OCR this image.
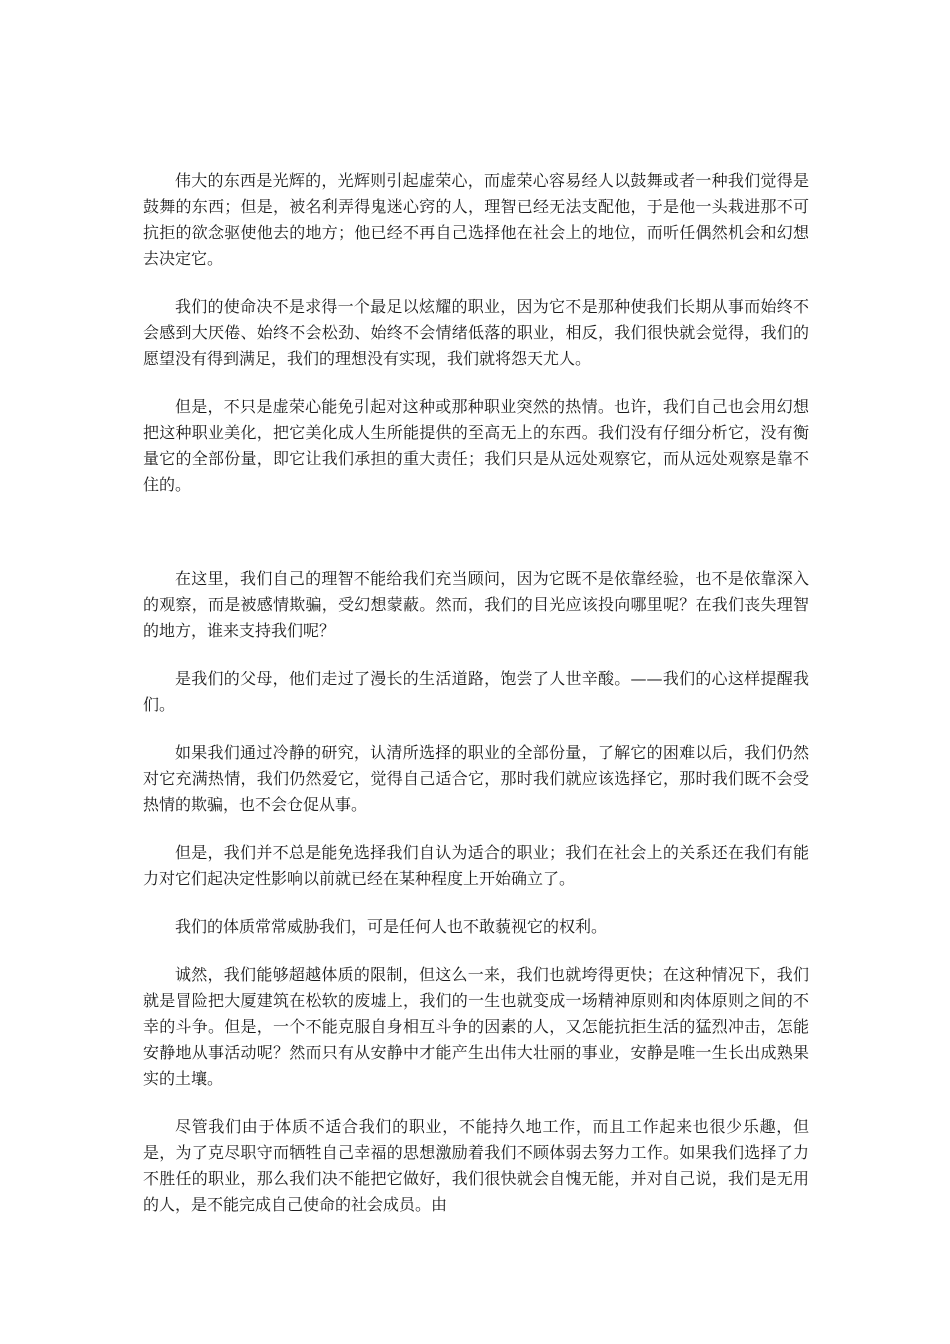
伟大的东西是光辉的，光辉则引起虚荣心，而虚荣心容易经人以鼓舞或者一种我们觉得是鼓舞的东西；但是，被名利弄得鬼迷心窍的人，理智已经无法支配他，于是他一头栽进那不可抗拒的欲念驱使他去的地方；他已经不再自己选择他在社会上的地位，而听任偶然机会和幻想去决定它。

我们的使命决不是求得一个最足以炫耀的职业，因为它不是那种使我们长期从事而始终不会感到大厌倦、始终不会松劲、始终不会情绪低落的职业，相反，我们很快就会觉得，我们的愿望没有得到满足，我们的理想没有实现，我们就将怨天尤人。

但是，不只是虚荣心能免引起对这种或那种职业突然的热情。也许，我们自己也会用幻想把这种职业美化，把它美化成人生所能提供的至高无上的东西。我们没有仔细分析它，没有衡量它的全部份量，即它让我们承担的重大责任；我们只是从远处观察它，而从远处观察是靠不住的。

在这里，我们自己的理智不能给我们充当顾问，因为它既不是依靠经验，也不是依靠深入的观察，而是被感情欺骗，受幻想蒙蔽。然而，我们的目光应该投向哪里呢？在我们丧失理智的地方，谁来支持我们呢？

是我们的父母，他们走过了漫长的生活道路，饱尝了人世辛酸。——我们的心这样提醒我们。

如果我们通过冷静的研究，认清所选择的职业的全部份量，了解它的困难以后，我们仍然对它充满热情，我们仍然爱它，觉得自己适合它，那时我们就应该选择它，那时我们既不会受热情的欺骗，也不会仓促从事。

但是，我们并不总是能免选择我们自认为适合的职业；我们在社会上的关系还在我们有能力对它们起决定性影响以前就已经在某种程度上开始确立了。

我们的体质常常威胁我们，可是任何人也不敢藐视它的权利。

诚然，我们能够超越体质的限制，但这么一来，我们也就垮得更快；在这种情况下，我们就是冒险把大厦建筑在松软的废墟上，我们的一生也就变成一场精神原则和肉体原则之间的不幸的斗争。但是，一个不能克服自身相互斗争的因素的人，又怎能抗拒生活的猛烈冲击，怎能安静地从事活动呢？然而只有从安静中才能产生出伟大壮丽的事业，安静是唯一生长出成熟果实的土壤。

尽管我们由于体质不适合我们的职业，不能持久地工作，而且工作起来也很少乐趣，但是，为了克尽职守而牺牲自己幸福的思想激励着我们不顾体弱去努力工作。如果我们选择了力不胜任的职业，那么我们决不能把它做好，我们很快就会自愧无能，并对自己说，我们是无用的人，是不能完成自己使命的社会成员。由
